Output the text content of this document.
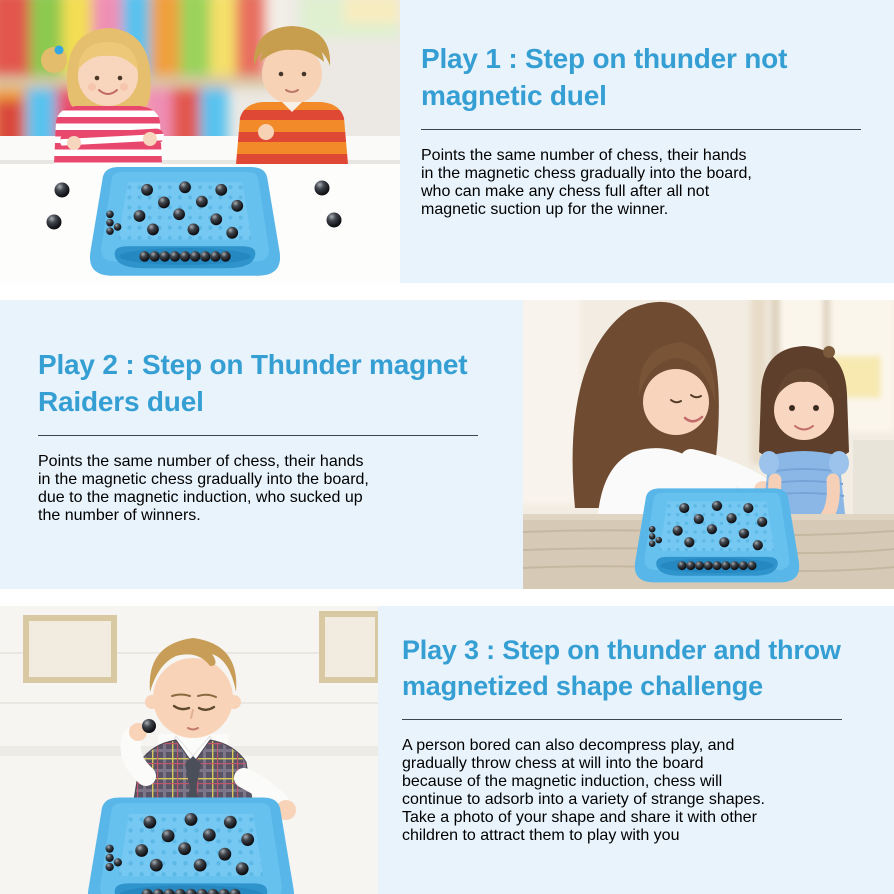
Play 1 : Step on thunder not
magnetic duel

Points the same number of chess, their hands
in the magnetic chess gradually into the board,
who can make any chess full after all not
magnetic suction up for the winner.

Play 2 : Step on Thunder magnet
Raiders duel

Points the same number of chess, their hands
in the magnetic chess gradually into the board,
due to the magnetic induction, who sucked up
the number of winners.

Play 3 : Step on thunder and throw
magnetized shape challenge

A person bored can also decompress play, and
gradually throw chess at will into the board
because of the magnetic induction, chess will
continue to adsorb into a variety of strange shapes.
Take a photo of your shape and share it with other
children to attract them to play with you
